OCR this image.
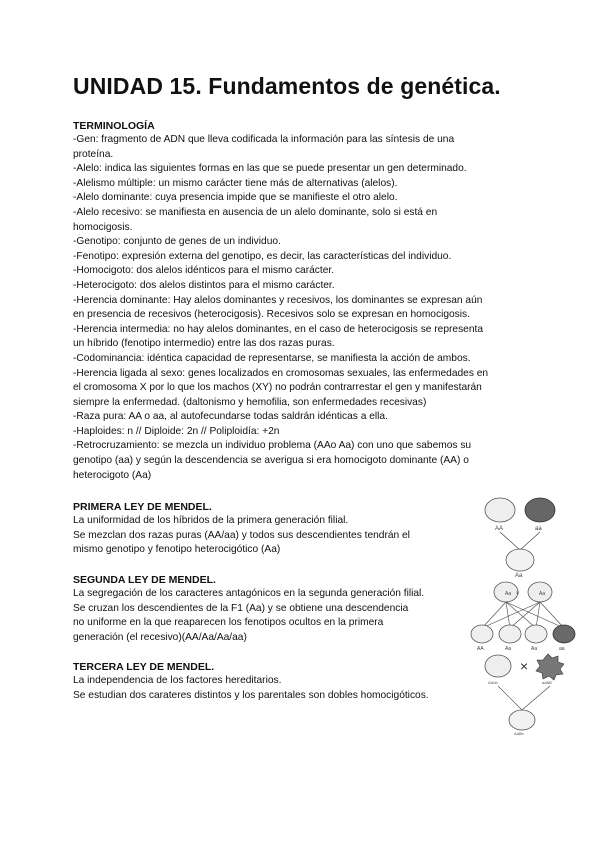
UNIDAD 15. Fundamentos de genética.
TERMINOLOGÍA
-Gen: fragmento de ADN que lleva codificada la información para las síntesis de una
proteína.
-Alelo: indica las siguientes formas en las que se puede presentar un gen determinado.
-Alelismo múltiple: un mismo carácter tiene más de alternativas (alelos).
-Alelo dominante: cuya presencia impide que se manifieste el otro alelo.
-Alelo recesivo: se manifiesta en ausencia de un alelo dominante, solo si está en
homocigosis.
-Genotipo: conjunto de genes de un individuo.
-Fenotipo: expresión externa del genotipo, es decir, las características del individuo.
-Homocigoto: dos alelos idénticos para el mismo carácter.
-Heterocigoto: dos alelos distintos para el mismo carácter.
-Herencia dominante: Hay alelos dominantes y recesivos, los dominantes se expresan aún
en presencia de recesivos (heterocigosis). Recesivos solo se expresan en homocigosis.
-Herencia intermedia: no hay alelos dominantes, en el caso de heterocigosis se representa
un híbrido (fenotipo intermedio) entre las dos razas puras.
-Codominancia: idéntica capacidad de representarse, se manifiesta la acción de ambos.
-Herencia ligada al sexo: genes localizados en cromosomas sexuales, las enfermedades en
el cromosoma X por lo que los machos (XY) no podrán contrarrestar el gen y manifestarán
siempre la enfermedad. (daltonismo y hemofilia, son enfermedades recesivas)
-Raza pura: AA o aa, al autofecundarse todas saldrán idénticas a ella.
-Haploides: n // Diploide: 2n // Poliploidía: +2n
-Retrocruzamiento: se mezcla un individuo problema (AAo Aa) con uno que sabemos su
genotipo (aa) y según la descendencia se averigua si era homocigoto dominante (AA) o
heterocigoto (Aa)
PRIMERA LEY DE MENDEL.
La uniformidad de los híbridos de la primera generación filial.
Se mezclan dos razas puras (AA/aa) y todos sus descendientes tendrán el
mismo genotipo y fenotipo heterocigótico (Aa)
AA	aa
Aa
SEGUNDA LEY DE MENDEL.
La segregación de los caracteres antagónicos en la segunda generación filial.
Se cruzan los descendientes de la F1 (Aa) y se obtiene una descendencia
no uniforme en la que reaparecen los fenotipos ocultos en la primera
generación (el recesivo)(AA/Aa/Aa/aa)
×
Aa	Aa
AA	Aa	Aa	aa
TERCERA LEY DE MENDEL.
La independencia de los factores hereditarios.
Se estudian dos carateres distintos y los parentales son dobles homocigóticos.
×
AAbb	aaBB
AaBb
